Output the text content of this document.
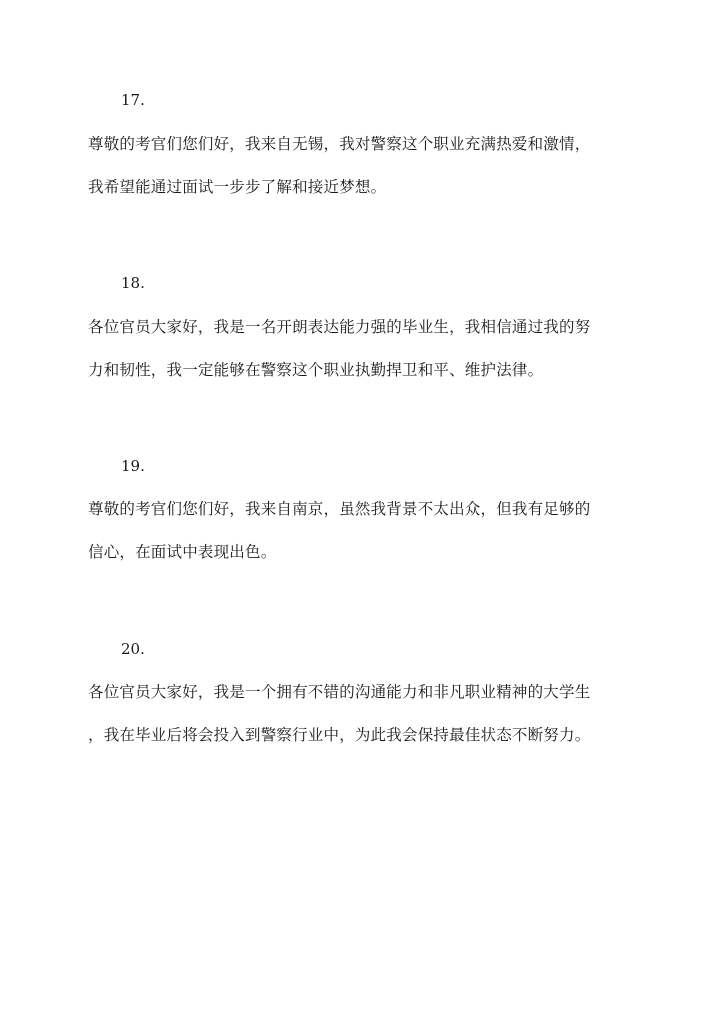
17.
尊敬的考官们您们好，我来自无锡，我对警察这个职业充满热爱和激情，
我希望能通过面试一步步了解和接近梦想。
18.
各位官员大家好，我是一名开朗表达能力强的毕业生，我相信通过我的努
力和韧性，我一定能够在警察这个职业执勤捍卫和平、维护法律。
19.
尊敬的考官们您们好，我来自南京，虽然我背景不太出众，但我有足够的
信心，在面试中表现出色。
20.
各位官员大家好，我是一个拥有不错的沟通能力和非凡职业精神的大学生
，我在毕业后将会投入到警察行业中，为此我会保持最佳状态不断努力。
